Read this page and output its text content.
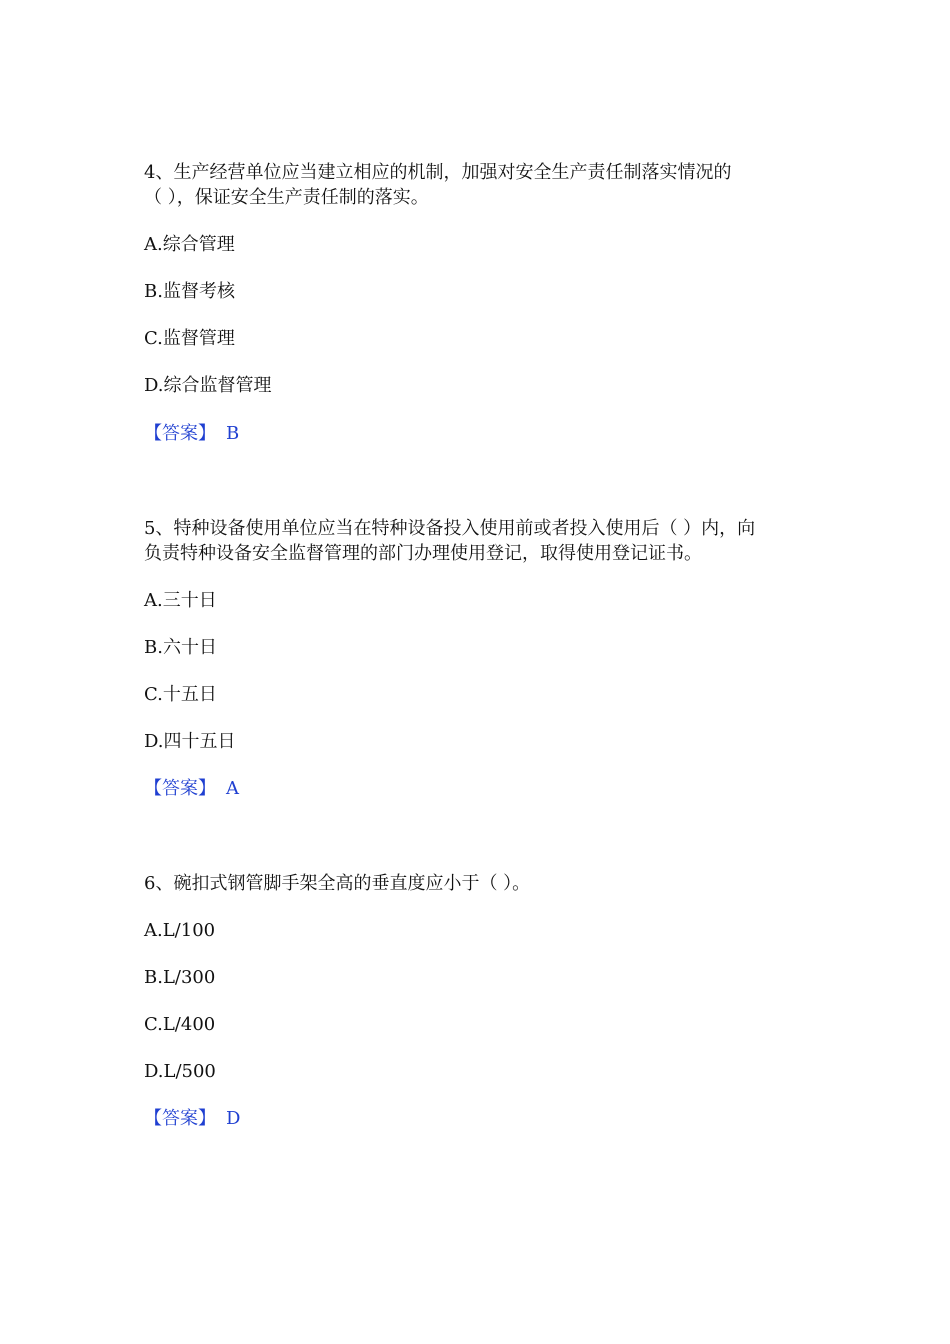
4、生产经营单位应当建立相应的机制，加强对安全生产责任制落实情况的

（ ），保证安全生产责任制的落实。

A.综合管理

B.监督考核

C.监督管理

D.综合监督管理

【答案】 B

5、特种设备使用单位应当在特种设备投入使用前或者投入使用后（ ）内，向

负责特种设备安全监督管理的部门办理使用登记，取得使用登记证书。

A.三十日

B.六十日

C.十五日

D.四十五日

【答案】 A

6、碗扣式钢管脚手架全高的垂直度应小于（ ）。

A.L/100

B.L/300

C.L/400

D.L/500

【答案】 D
